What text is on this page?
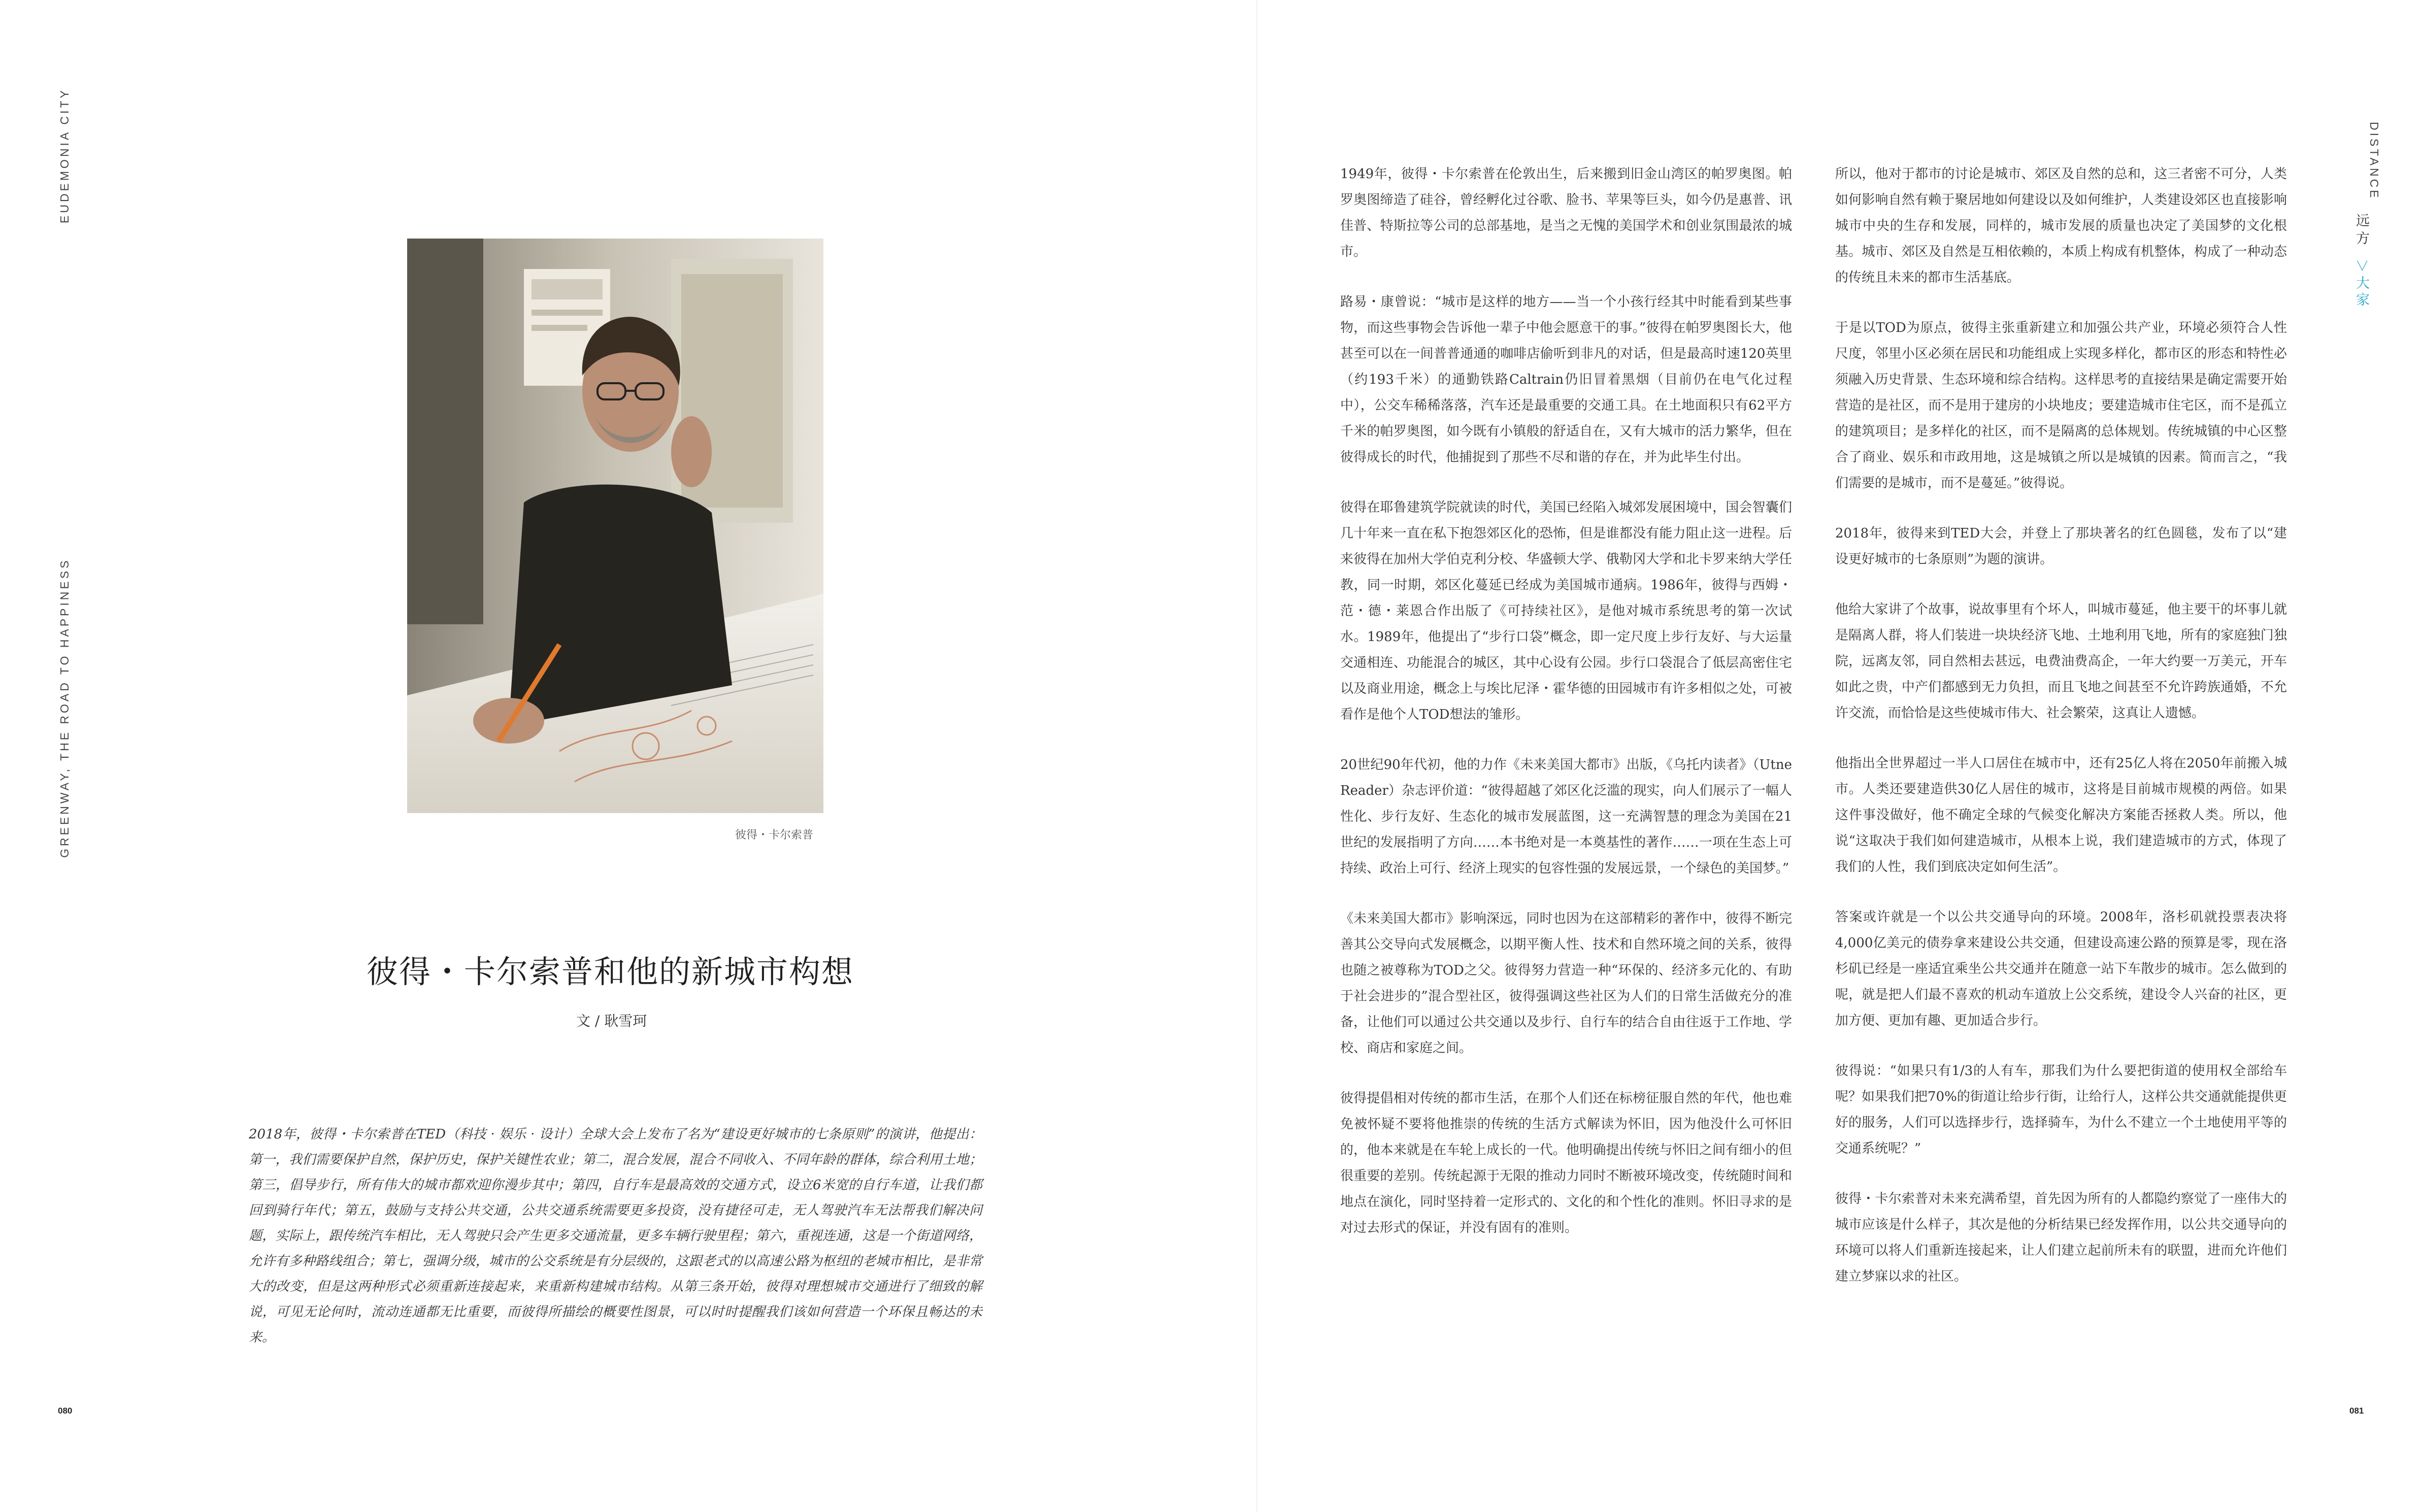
EUDEMONIA CITY
GREENWAY, THE ROAD TO HAPPINESS	彼得・卡尔索普
彼得・卡尔索普和他的新城市构想
文 / 耿雪珂
2018年，彼得・卡尔索普在TED（科技 · 娱乐 · 设计）全球大会上发布了名为“建设更好城市的七条原则”的演讲，他提出：第一，我们需要保护自然，保护历史，保护关键性农业；第二，混合发展，混合不同收入、不同年龄的群体，综合利用土地；第三，倡导步行，所有伟大的城市都欢迎你漫步其中；第四，自行车是最高效的交通方式，设立6米宽的自行车道，让我们都回到骑行年代；第五，鼓励与支持公共交通，公共交通系统需要更多投资，没有捷径可走，无人驾驶汽车无法帮我们解决问题，实际上，跟传统汽车相比，无人驾驶只会产生更多交通流量，更多车辆行驶里程；第六，重视连通，这是一个街道网络，允许有多种路线组合；第七，强调分级，城市的公交系统是有分层级的，这跟老式的以高速公路为枢纽的老城市相比，是非常大的改变，但是这两种形式必须重新连接起来，来重新构建城市结构。从第三条开始，彼得对理想城市交通进行了细致的解说，可见无论何时，流动连通都无比重要，而彼得所描绘的概要性图景，可以时时提醒我们该如何营造一个环保且畅达的未来。
080

1949年，彼得・卡尔索普在伦敦出生，后来搬到旧金山湾区的帕罗奥图。帕罗奥图缔造了硅谷，曾经孵化过谷歌、脸书、苹果等巨头，如今仍是惠普、讯佳普、特斯拉等公司的总部基地，是当之无愧的美国学术和创业氛围最浓的城市。

路易・康曾说：“城市是这样的地方——当一个小孩行经其中时能看到某些事物，而这些事物会告诉他一辈子中他会愿意干的事。”彼得在帕罗奥图长大，他甚至可以在一间普普通通的咖啡店偷听到非凡的对话，但是最高时速120英里（约193千米）的通勤铁路Caltrain仍旧冒着黑烟（目前仍在电气化过程中），公交车稀稀落落，汽车还是最重要的交通工具。在土地面积只有62平方千米的帕罗奥图，如今既有小镇般的舒适自在，又有大城市的活力繁华，但在彼得成长的时代，他捕捉到了那些不尽和谐的存在，并为此毕生付出。

彼得在耶鲁建筑学院就读的时代，美国已经陷入城郊发展困境中，国会智囊们几十年来一直在私下抱怨郊区化的恐怖，但是谁都没有能力阻止这一进程。后来彼得在加州大学伯克利分校、华盛顿大学、俄勒冈大学和北卡罗来纳大学任教，同一时期，郊区化蔓延已经成为美国城市通病。1986年，彼得与西姆・范・德・莱恩合作出版了《可持续社区》，是他对城市系统思考的第一次试水。1989年，他提出了“步行口袋”概念，即一定尺度上步行友好、与大运量交通相连、功能混合的城区，其中心设有公园。步行口袋混合了低层高密住宅以及商业用途，概念上与埃比尼泽・霍华德的田园城市有许多相似之处，可被看作是他个人TOD想法的雏形。

20世纪90年代初，他的力作《未来美国大都市》出版，《乌托内读者》（Utne Reader）杂志评价道：“彼得超越了郊区化泛滥的现实，向人们展示了一幅人性化、步行友好、生态化的城市发展蓝图，这一充满智慧的理念为美国在21世纪的发展指明了方向……本书绝对是一本奠基性的著作……一项在生态上可持续、政治上可行、经济上现实的包容性强的发展远景，一个绿色的美国梦。”

《未来美国大都市》影响深远，同时也因为在这部精彩的著作中，彼得不断完善其公交导向式发展概念，以期平衡人性、技术和自然环境之间的关系，彼得也随之被尊称为TOD之父。彼得努力营造一种“环保的、经济多元化的、有助于社会进步的”混合型社区，彼得强调这些社区为人们的日常生活做充分的准备，让他们可以通过公共交通以及步行、自行车的结合自由往返于工作地、学校、商店和家庭之间。

彼得提倡相对传统的都市生活，在那个人们还在标榜征服自然的年代，他也难免被怀疑不要将他推崇的传统的生活方式解读为怀旧，因为他没什么可怀旧的，他本来就是在车轮上成长的一代。他明确提出传统与怀旧之间有细小的但很重要的差别。传统起源于无限的推动力同时不断被环境改变，传统随时间和地点在演化，同时坚持着一定形式的、文化的和个性化的准则。怀旧寻求的是对过去形式的保证，并没有固有的准则。

所以，他对于都市的讨论是城市、郊区及自然的总和，这三者密不可分，人类如何影响自然有赖于聚居地如何建设以及如何维护，人类建设郊区也直接影响城市中央的生存和发展，同样的，城市发展的质量也决定了美国梦的文化根基。城市、郊区及自然是互相依赖的，本质上构成有机整体，构成了一种动态的传统且未来的都市生活基底。

于是以TOD为原点，彼得主张重新建立和加强公共产业，环境必须符合人性尺度，邻里小区必须在居民和功能组成上实现多样化，都市区的形态和特性必须融入历史背景、生态环境和综合结构。这样思考的直接结果是确定需要开始营造的是社区，而不是用于建房的小块地皮；要建造城市住宅区，而不是孤立的建筑项目；是多样化的社区，而不是隔离的总体规划。传统城镇的中心区整合了商业、娱乐和市政用地，这是城镇之所以是城镇的因素。简而言之，“我们需要的是城市，而不是蔓延。”彼得说。

2018年，彼得来到TED大会，并登上了那块著名的红色圆毯，发布了以“建设更好城市的七条原则”为题的演讲。

他给大家讲了个故事，说故事里有个坏人，叫城市蔓延，他主要干的坏事儿就是隔离人群，将人们装进一块块经济飞地、土地利用飞地，所有的家庭独门独院，远离友邻，同自然相去甚远，电费油费高企，一年大约要一万美元，开车如此之贵，中产们都感到无力负担，而且飞地之间甚至不允许跨族通婚，不允许交流，而恰恰是这些使城市伟大、社会繁荣，这真让人遗憾。

他指出全世界超过一半人口居住在城市中，还有25亿人将在2050年前搬入城市。人类还要建造供30亿人居住的城市，这将是目前城市规模的两倍。如果这件事没做好，他不确定全球的气候变化解决方案能否拯救人类。所以，他说“这取决于我们如何建造城市，从根本上说，我们建造城市的方式，体现了我们的人性，我们到底决定如何生活”。

答案或许就是一个以公共交通导向的环境。2008年，洛杉矶就投票表决将4,000亿美元的债券拿来建设公共交通，但建设高速公路的预算是零，现在洛杉矶已经是一座适宜乘坐公共交通并在随意一站下车散步的城市。怎么做到的呢，就是把人们最不喜欢的机动车道放上公交系统，建设令人兴奋的社区，更加方便、更加有趣、更加适合步行。

彼得说：“如果只有1/3的人有车，那我们为什么要把街道的使用权全部给车呢？如果我们把70%的街道让给步行街，让给行人，这样公共交通就能提供更好的服务，人们可以选择步行，选择骑车，为什么不建立一个土地使用平等的交通系统呢？”

彼得・卡尔索普对未来充满希望，首先因为所有的人都隐约察觉了一座伟大的城市应该是什么样子，其次是他的分析结果已经发挥作用，以公共交通导向的环境可以将人们重新连接起来，让人们建立起前所未有的联盟，进而允许他们建立梦寐以求的社区。

DISTANCE
远方
＞大家
081
